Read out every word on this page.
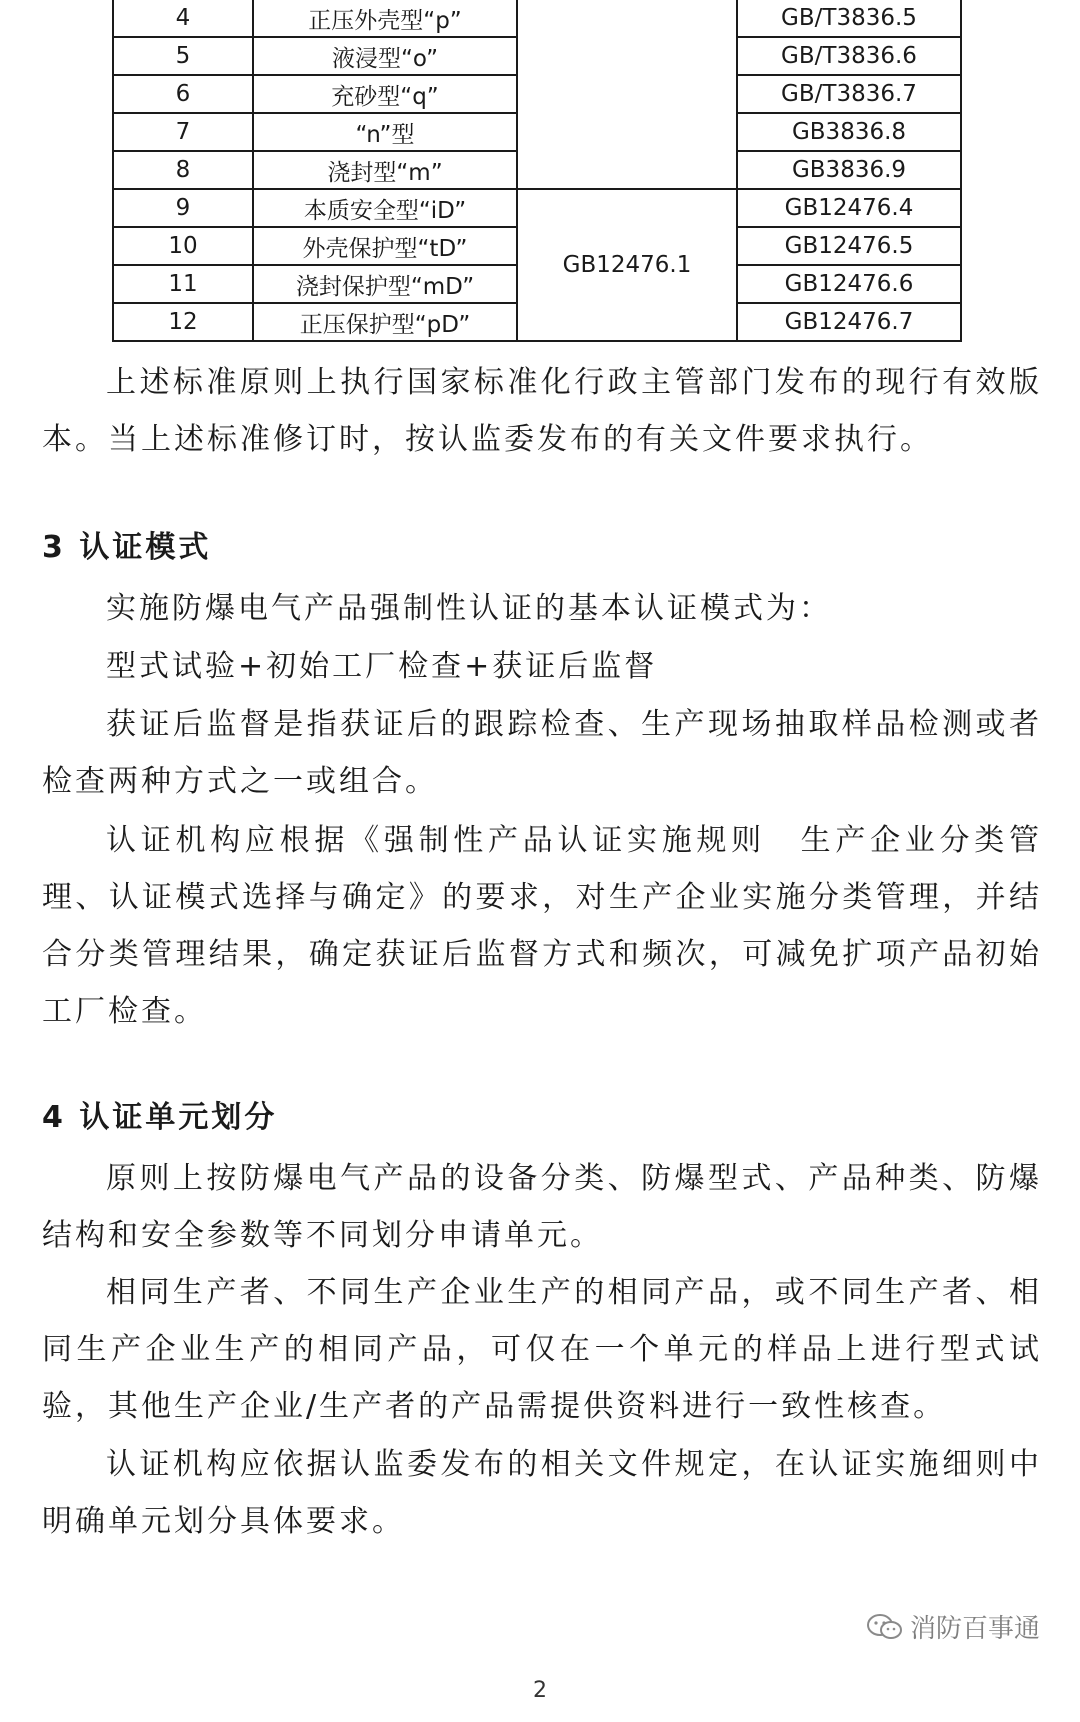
4	正压外壳型“p”		GB/T3836.5
5	液浸型“o”		GB/T3836.6
6	充砂型“q”		GB/T3836.7
7	“n”型		GB3836.8
8	浇封型“m”		GB3836.9
9	本质安全型“iD”	GB12476.1	GB12476.4
10	外壳保护型“tD”		GB12476.5
11	浇封保护型“mD”		GB12476.6
12	正压保护型“pD”		GB12476.7

上述标准原则上执行国家标准化行政主管部门发布的现行有效版本。当上述标准修订时，按认监委发布的有关文件要求执行。

3 认证模式

实施防爆电气产品强制性认证的基本认证模式为：

型式试验+初始工厂检查+获证后监督

获证后监督是指获证后的跟踪检查、生产现场抽取样品检测或者检查两种方式之一或组合。

认证机构应根据《强制性产品认证实施规则　生产企业分类管理、认证模式选择与确定》的要求，对生产企业实施分类管理，并结合分类管理结果，确定获证后监督方式和频次，可减免扩项产品初始工厂检查。

4 认证单元划分

原则上按防爆电气产品的设备分类、防爆型式、产品种类、防爆结构和安全参数等不同划分申请单元。

相同生产者、不同生产企业生产的相同产品，或不同生产者、相同生产企业生产的相同产品，可仅在一个单元的样品上进行型式试验，其他生产企业/生产者的产品需提供资料进行一致性核查。

认证机构应依据认监委发布的相关文件规定，在认证实施细则中明确单元划分具体要求。

消防百事通
2
